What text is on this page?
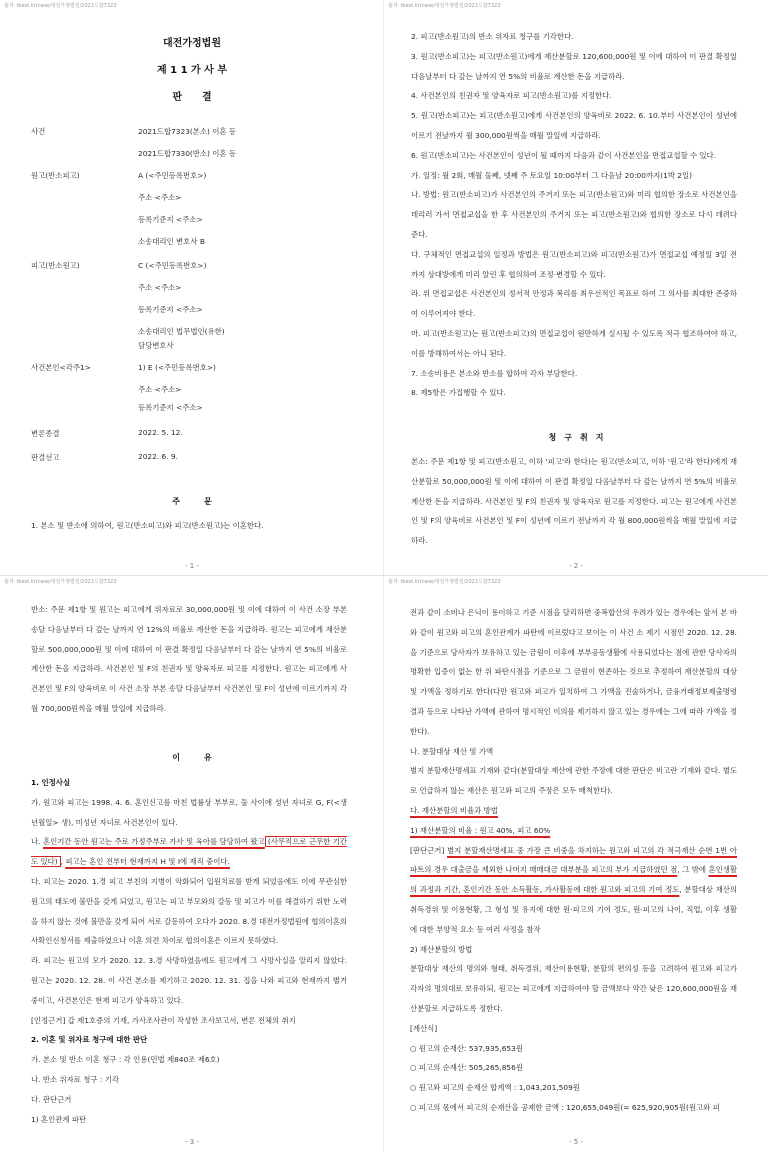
출처: Ibest.kr/case/대전가정법원/2021드합7323
대전가정법원
제 1 1 가 사 부
판　　결
사건	2021드합7323(본소) 이혼 등
2021드합7330(반소) 이혼 등
원고(반소피고)	A (<주민등록번호>)
주소 <주소>
등록기준지 <주소>
소송대리인 변호사 B
피고(반소원고)	C (<주민등록번호>)
주소 <주소>
등록기준지 <주소>
소송대리인 법무법인(유한)
담당변호사
사건본인<각주1>	1) E (<주민등록번호>)
주소 <주소>
등록기준지 <주소>
변론종결	2022. 5. 12.
판결선고	2022. 6. 9.
주　　　문
1. 본소 및 반소에 의하여, 원고(반소피고)와 피고(반소원고)는 이혼한다.
- 1 -
출처: Ibest.kr/case/대전가정법원/2021드합7323

2. 피고(반소원고)의 반소 위자료 청구를 기각한다.

3. 원고(반소피고)는 피고(반소원고)에게 재산분할로 120,600,000원 및 이에 대하여 이 판결 확정일 다음날부터 다 갚는 날까지 연 5%의 비율로 계산한 돈을 지급하라.

4. 사건본인의 친권자 및 양육자로 피고(반소원고)를 지정한다.

5. 원고(반소피고)는 피고(반소원고)에게 사건본인의 양육비로 2022. 6. 10.부터 사건본인이 성년에 이르기 전날까지 월 300,000원씩을 매월 말일에 지급하라.

6. 원고(반소피고)는 사건본인이 성년이 될 때까지 다음과 같이 사건본인을 면접교섭할 수 있다.

가. 일정: 월 2회, 매월 둘째, 넷째 주 토요일 10:00부터 그 다음날 20:00까지(1박 2일)

나. 방법: 원고(반소피고)가 사건본인의 주거지 또는 피고(반소원고)와 미리 협의한 장소로 사건본인을 데리러 가서 면접교섭을 한 후 사건본인의 주거지 또는 피고(반소원고)와 협의한 장소로 다시 데려다준다.

다. 구체적인 면접교섭의 일정과 방법은 원고(반소피고)와 피고(반소원고)가 면접교섭 예정일 3일 전까지 상대방에게 미리 알린 후 협의하여 조정·변경할 수 있다.

라. 위 면접교섭은 사건본인의 정서적 안정과 복리를 최우선적인 목표로 하여 그 의사를 최대한 존중하여 이루어져야 한다.

마. 피고(반소원고)는 원고(반소피고)의 면접교섭이 원만하게 실시될 수 있도록 적극 협조하여야 하고, 이를 방해하여서는 아니 된다.

7. 소송비용은 본소와 반소를 합하여 각자 부담한다.

8. 제5항은 가집행할 수 있다.

청　구　취　지

본소: 주문 제1항 및 피고(반소원고, 이하 '피고'라 한다)는 원고(반소피고, 이하 '원고'라 한다)에게 재산분할로 50,000,000원 및 이에 대하여 이 판결 확정일 다음날부터 다 갚는 날까지 연 5%의 비율로 계산한 돈을 지급하라. 사건본인 및 F의 친권자 및 양육자로 원고를 지정한다. 피고는 원고에게 사건본인 및 F의 양육비로 사건본인 및 F이 성년에 이르기 전날까지 각 월 800,000원씩을 매월 말일에 지급하라.

- 2 -
출처: Ibest.kr/case/대전가정법원/2021드합7323

반소: 주문 제1항 및 원고는 피고에게 위자료로 30,000,000원 및 이에 대하여 이 사건 소장 부본 송달 다음날부터 다 갚는 날까지 연 12%의 비율로 계산한 돈을 지급하라. 원고는 피고에게 재산분할로 500,000,000원 및 이에 대하여 이 판결 확정일 다음날부터 다 갚는 날까지 연 5%의 비율로 계산한 돈을 지급하라. 사건본인 및 F의 친권자 및 양육자로 피고를 지정한다. 원고는 피고에게 사건본인 및 F의 양육비로 이 사건 소장 부본 송달 다음날부터 사건본인 및 F이 성년에 이르기까지 각 월 700,000원씩을 매월 말일에 지급하라.

이　　　유

1. 인정사실

가. 원고와 피고는 1998. 4. 6. 혼인신고를 마친 법률상 부부로, 둘 사이에 성년 자녀로 G, F(<생년월일> 생), 미성년 자녀로 사건본인이 있다.

나. 혼인기간 동안 원고는 주로 가정주부로 가사 및 육아를 담당하여 왔고 (사무직으로 근무한 기간도 있다) , 피고는 혼인 전부터 현재까지 H 및 I에 재직 중이다.

다. 피고는 2020. 1.경 피고 부친의 지병이 악화되어 입원치료를 받게 되었음에도 이에 무관심한 원고의 태도에 불만을 갖게 되었고, 원고는 피고 부모와의 갈등 및 피고가 이를 해결하기 위한 노력을 하지 않는 것에 불만을 갖게 되어 서로 갈등하여 오다가 2020. 8.경 대전가정법원에 협의이혼의사확인신청서를 제출하였으나 이혼 의견 차이로 협의이혼은 이르지 못하였다.

라. 피고는 원고의 모가 2020. 12. 3.경 사망하였음에도 원고에게 그 사망사실을 알리지 않았다. 원고는 2020. 12. 28. 이 사건 본소를 제기하고 2020. 12. 31. 집을 나와 피고와 현재까지 별거 중이고, 사건본인은 현재 피고가 양육하고 있다.

[인정근거] 갑 제1호증의 기재, 가사조사관이 작성한 조사보고서, 변론 전체의 취지

2. 이혼 및 위자료 청구에 대한 판단

가. 본소 및 반소 이혼 청구 : 각 인용(민법 제840조 제6호)

나. 반소 위자료 청구 : 기각

다. 판단근거

1) 혼인관계 파탄

- 3 -
출처: Ibest.kr/case/대전가정법원/2021드합7323

전과 같이 소비나 은닉이 용이하고 기준 시점을 달리하면 중복합산의 우려가 있는 경우에는 앞서 본 바와 같이 원고와 피고의 혼인관계가 파탄에 이르렀다고 보이는 이 사건 소 제기 시점인 2020. 12. 28.을 기준으로 당사자가 보유하고 있는 금원이 이후에 부부공동생활에 사용되었다는 점에 관한 당사자의 명확한 입증이 없는 한 위 파탄시점을 기준으로 그 금원이 현존하는 것으로 추정하여 재산분할의 대상 및 가액을 정하기로 한다(다만 원고와 피고가 일치하여 그 가액을 진술하거나, 금융거래정보제출명령 결과 등으로 나타난 가액에 관하여 명시적인 이의를 제기하지 않고 있는 경우에는 그에 따라 가액을 정한다).

나. 분할대상 재산 및 가액

별지 분할재산명세표 기재와 같다(분할대상 재산에 관한 주장에 대한 판단은 비고란 기재와 같다. 별도로 언급하지 않는 재산은 원고와 피고의 주장은 모두 배척한다).

다. 재산분할의 비율과 방법

1) 재산분할의 비율 : 원고 40%, 피고 60%

[판단근거] 별지 분할재산명세표 중 가장 큰 비중을 차지하는 원고와 피고의 각 적극재산 순번 1번 아파트의 경우 대출금을 제외한 나머지 매매대금 대부분을 피고의 부가 지급하였던 점, 그 밖에 혼인생활의 과정과 기간, 혼인기간 동안 소득활동, 가사활동에 대한 원고와 피고의 기여 정도, 분할대상 재산의 취득경위 및 이용현황, 그 형성 및 유지에 대한 원·피고의 기여 정도, 원·피고의 나이, 직업, 이후 생활에 대한 부양적 요소 등 여러 사정을 참작

2) 재산분할의 방법

분할대상 재산의 명의와 형태, 취득경위, 재산이용현황, 분할의 편의성 등을 고려하여 원고와 피고가 각자의 명의대로 보유하되, 원고는 피고에게 지급하여야 할 금액보다 약간 낮은 120,600,000원을 재산분할로 지급하도록 정한다.

[계산식]

○ 원고의 순재산: 537,935,653원

○ 피고의 순재산: 505,265,856원

○ 원고와 피고의 순재산 합계액 : 1,043,201,509원

○ 피고의 몫에서 피고의 순재산을 공제한 금액 : 120,655,049원(= 625,920,905원(원고와 피

- 5 -
